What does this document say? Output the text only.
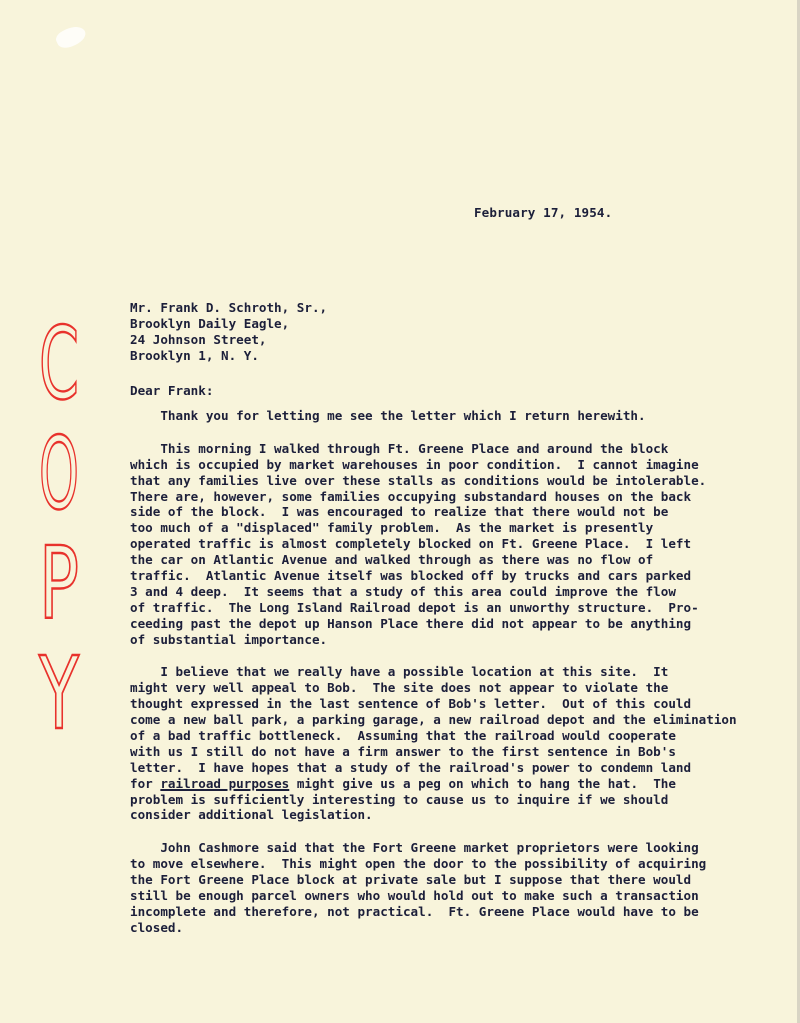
C
O
P
Y
February 17, 1954.
Mr. Frank D. Schroth, Sr.,
Brooklyn Daily Eagle,
24 Johnson Street,
Brooklyn 1, N. Y.
Dear Frank:
Thank you for letting me see the letter which I return herewith.
This morning I walked through Ft. Greene Place and around the block
which is occupied by market warehouses in poor condition.  I cannot imagine
that any families live over these stalls as conditions would be intolerable.
There are, however, some families occupying substandard houses on the back
side of the block.  I was encouraged to realize that there would not be
too much of a "displaced" family problem.  As the market is presently
operated traffic is almost completely blocked on Ft. Greene Place.  I left
the car on Atlantic Avenue and walked through as there was no flow of
traffic.  Atlantic Avenue itself was blocked off by trucks and cars parked
3 and 4 deep.  It seems that a study of this area could improve the flow
of traffic.  The Long Island Railroad depot is an unworthy structure.  Pro-
ceeding past the depot up Hanson Place there did not appear to be anything
of substantial importance.
I believe that we really have a possible location at this site.  It
might very well appeal to Bob.  The site does not appear to violate the
thought expressed in the last sentence of Bob's letter.  Out of this could
come a new ball park, a parking garage, a new railroad depot and the elimination
of a bad traffic bottleneck.  Assuming that the railroad would cooperate
with us I still do not have a firm answer to the first sentence in Bob's
letter.  I have hopes that a study of the railroad's power to condemn land
for railroad purposes might give us a peg on which to hang the hat.  The
problem is sufficiently interesting to cause us to inquire if we should
consider additional legislation.
John Cashmore said that the Fort Greene market proprietors were looking
to move elsewhere.  This might open the door to the possibility of acquiring
the Fort Greene Place block at private sale but I suppose that there would
still be enough parcel owners who would hold out to make such a transaction
incomplete and therefore, not practical.  Ft. Greene Place would have to be
closed.
